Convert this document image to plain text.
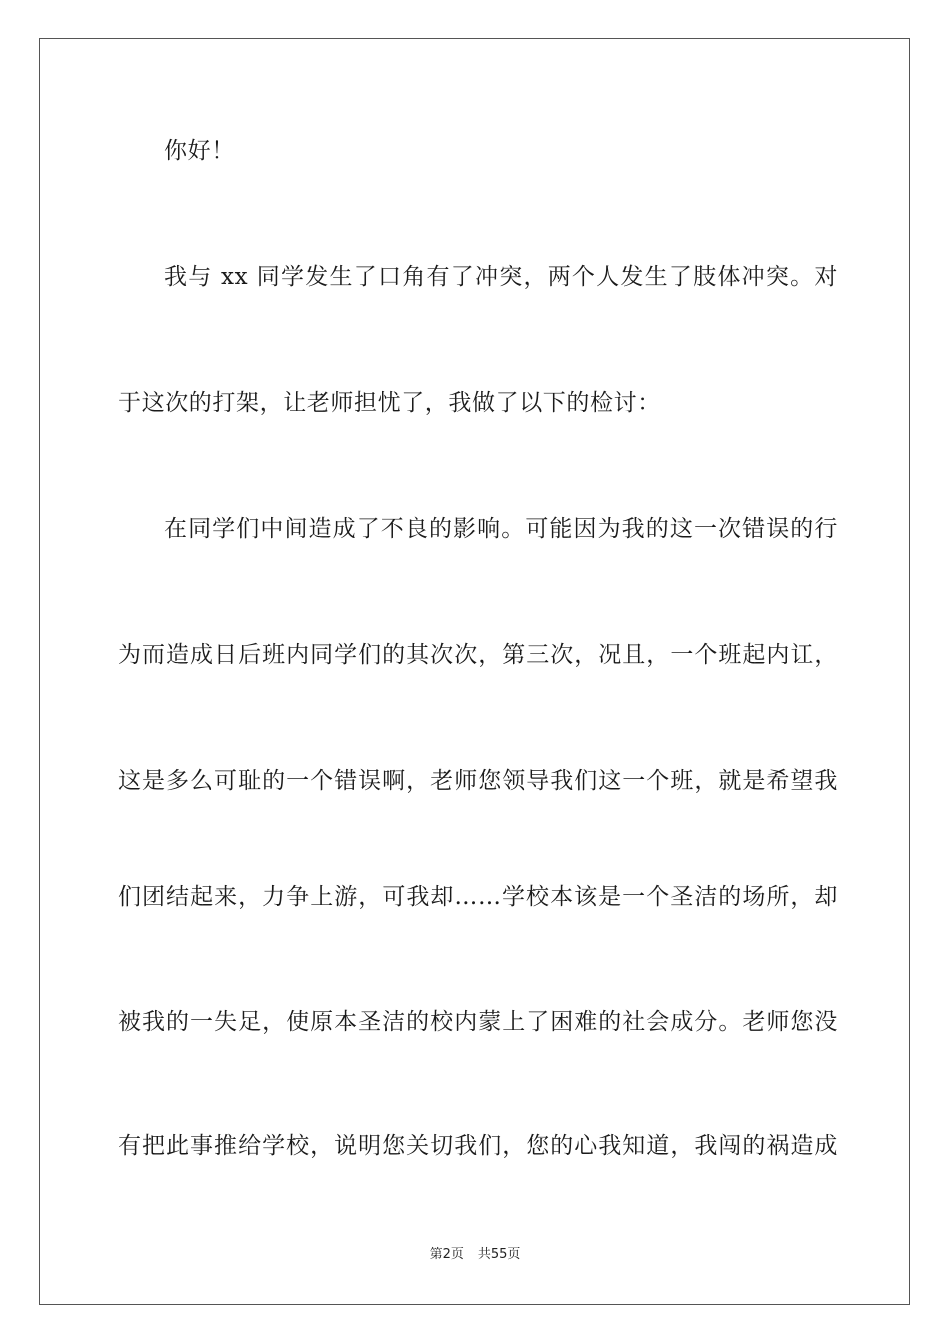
你好！
我与 xx 同学发生了口角有了冲突，两个人发生了肢体冲突。对
于这次的打架，让老师担忧了，我做了以下的检讨：
在同学们中间造成了不良的影响。可能因为我的这一次错误的行
为而造成日后班内同学们的其次次，第三次，况且，一个班起内讧，
这是多么可耻的一个错误啊，老师您领导我们这一个班，就是希望我
们团结起来，力争上游，可我却……学校本该是一个圣洁的场所，却
被我的一失足，使原本圣洁的校内蒙上了困难的社会成分。老师您没
有把此事推给学校，说明您关切我们，您的心我知道，我闯的祸造成
第2页 共55页
